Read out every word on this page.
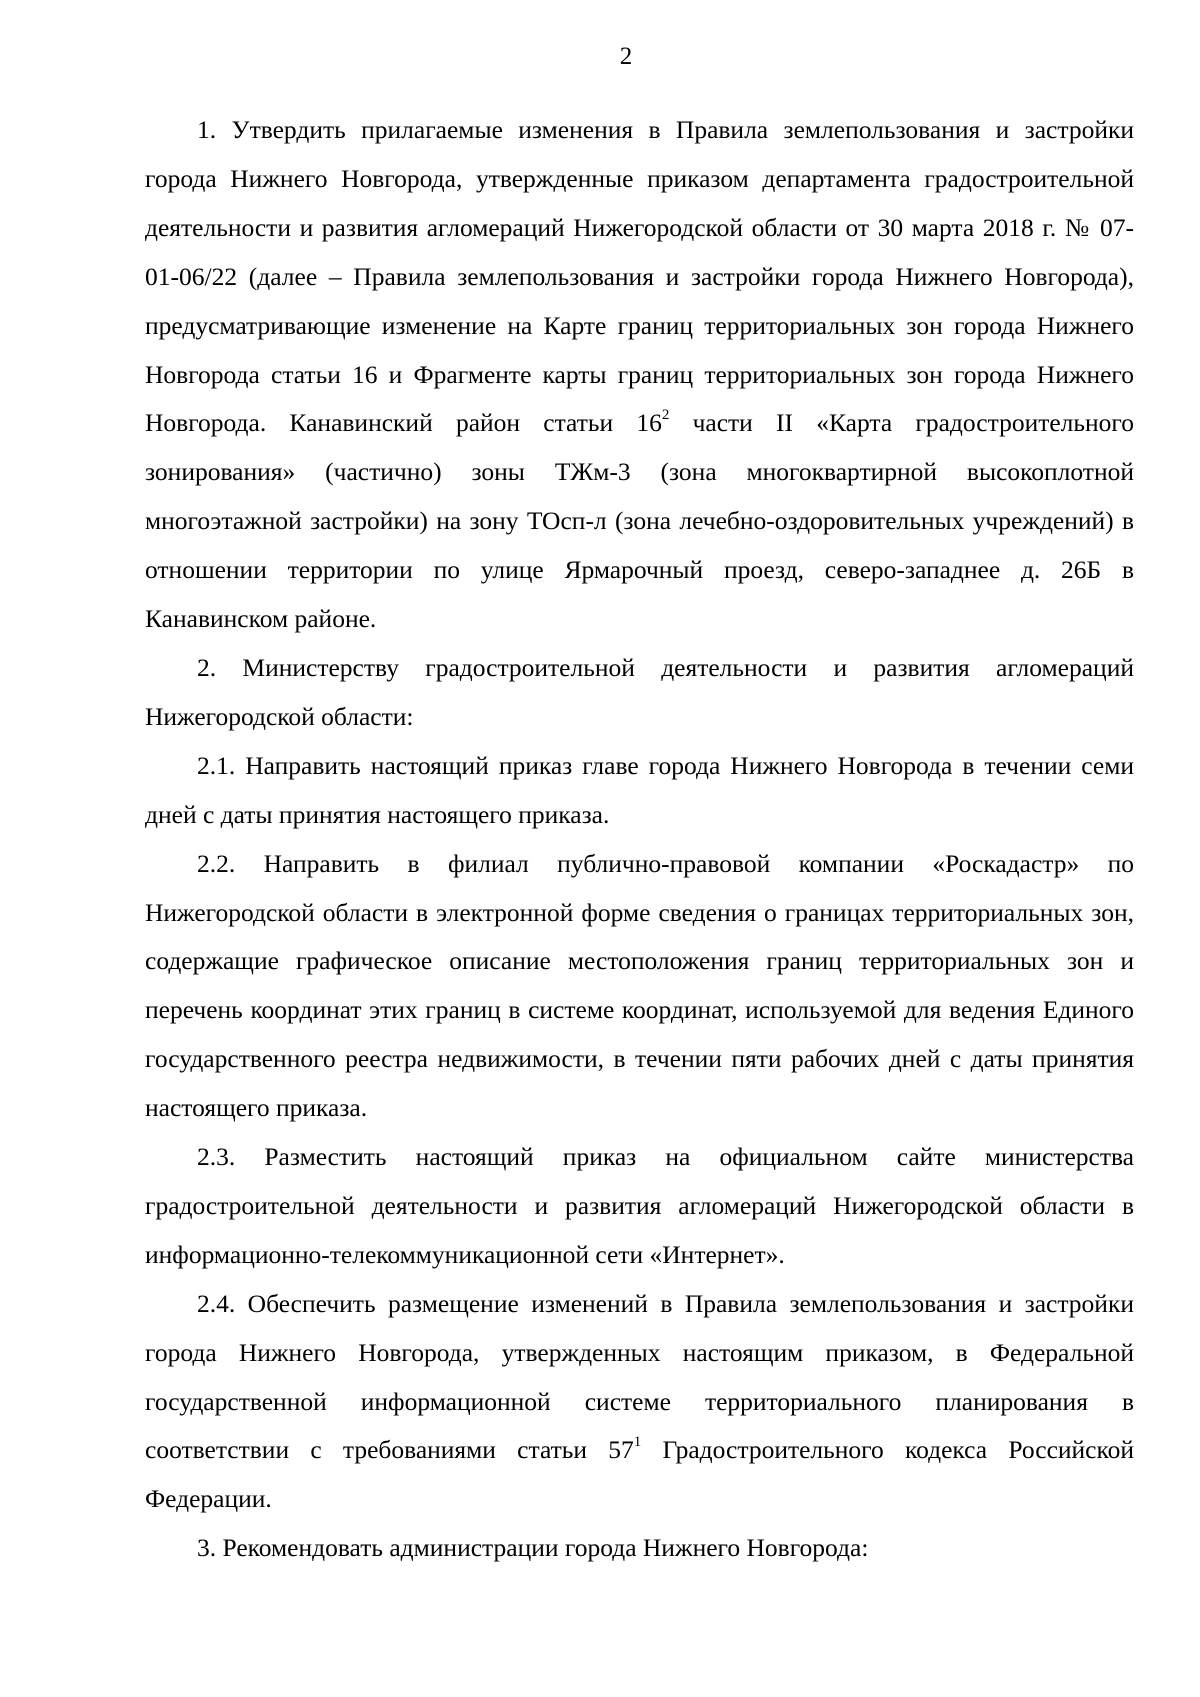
2

1. Утвердить прилагаемые изменения в Правила землепользования и застройки города Нижнего Новгорода, утвержденные приказом департамента градостроительной деятельности и развития агломераций Нижегородской области от 30 марта 2018 г. № 07-01-06/22 (далее – Правила землепользования и застройки города Нижнего Новгорода), предусматривающие изменение на Карте границ территориальных зон города Нижнего Новгорода статьи 16 и Фрагменте карты границ территориальных зон города Нижнего Новгорода. Канавинский район статьи $16^2$ части II «Карта градостроительного зонирования» (частично) зоны ТЖм-3 (зона многоквартирной высокоплотной многоэтажной застройки) на зону ТОсп-л (зона лечебно-оздоровительных учреждений) в отношении территории по улице Ярмарочный проезд, северо-западнее д. 26Б в Канавинском районе.

2. Министерству градостроительной деятельности и развития агломераций Нижегородской области:

2.1. Направить настоящий приказ главе города Нижнего Новгорода в течении семи дней с даты принятия настоящего приказа.

2.2. Направить в филиал публично-правовой компании «Роскадастр» по Нижегородской области в электронной форме сведения о границах территориальных зон, содержащие графическое описание местоположения границ территориальных зон и перечень координат этих границ в системе координат, используемой для ведения Единого государственного реестра недвижимости, в течении пяти рабочих дней с даты принятия настоящего приказа.

2.3. Разместить настоящий приказ на официальном сайте министерства градостроительной деятельности и развития агломераций Нижегородской области в информационно-телекоммуникационной сети «Интернет».

2.4. Обеспечить размещение изменений в Правила землепользования и застройки города Нижнего Новгорода, утвержденных настоящим приказом, в Федеральной государственной информационной системе территориального планирования в соответствии с требованиями статьи $57^1$ Градостроительного кодекса Российской Федерации.

3. Рекомендовать администрации города Нижнего Новгорода:
